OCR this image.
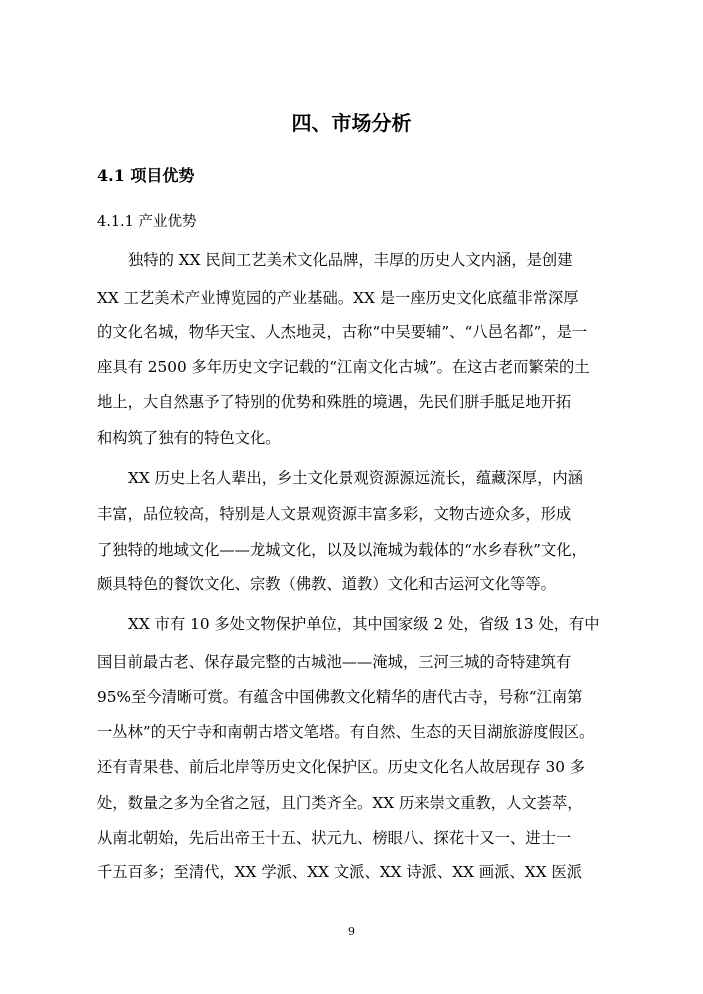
四、市场分析
4.1 项目优势
4.1.1 产业优势
独特的 XX 民间工艺美术文化品牌，丰厚的历史人文内涵，是创建
XX 工艺美术产业博览园的产业基础。XX 是一座历史文化底蕴非常深厚
的文化名城，物华天宝、人杰地灵，古称“中吴要辅”、“八邑名都”，是一
座具有 2500 多年历史文字记载的“江南文化古城”。在这古老而繁荣的土
地上，大自然惠予了特别的优势和殊胜的境遇，先民们胼手胝足地开拓
和构筑了独有的特色文化。
XX 历史上名人辈出，乡土文化景观资源源远流长，蕴藏深厚，内涵
丰富，品位较高，特别是人文景观资源丰富多彩，文物古迹众多，形成
了独特的地域文化——龙城文化，以及以淹城为载体的“水乡春秋”文化，
颇具特色的餐饮文化、宗教（佛教、道教）文化和古运河文化等等。
XX 市有 10 多处文物保护单位，其中国家级 2 处，省级 13 处，有中
国目前最古老、保存最完整的古城池——淹城，三河三城的奇特建筑有
95%至今清晰可赏。有蕴含中国佛教文化精华的唐代古寺，号称“江南第
一丛林”的天宁寺和南朝古塔文笔塔。有自然、生态的天目湖旅游度假区。
还有青果巷、前后北岸等历史文化保护区。历史文化名人故居现存 30 多
处，数量之多为全省之冠，且门类齐全。XX 历来崇文重教，人文荟萃，
从南北朝始，先后出帝王十五、状元九、榜眼八、探花十又一、进士一
千五百多；至清代，XX 学派、XX 文派、XX 诗派、XX 画派、XX 医派
9
